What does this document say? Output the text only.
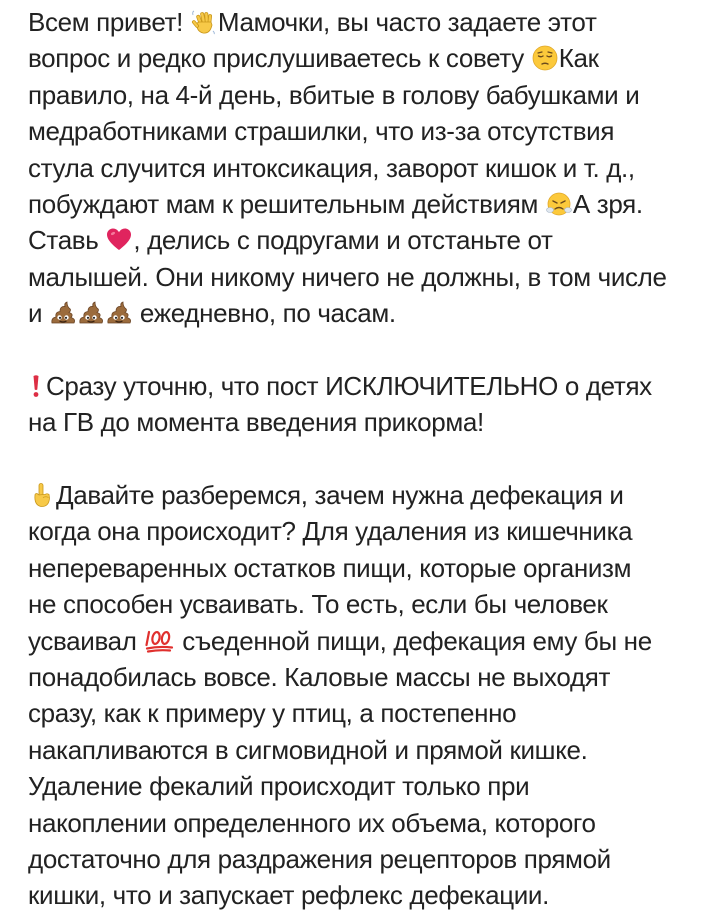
Всем привет!
Мамочки, вы часто задаете этот
вопрос и редко прислушиваетесь к совету
Как
правило, на 4-й день, вбитые в голову бабушками и
медработниками страшилки, что из-за отсутствия
стула случится интоксикация, заворот кишок и т. д.,
побуждают мам к решительным действиям
А зря.
Ставь
, делись с подругами и отстаньте от
малышей. Они никому ничего не должны, в том числе
и	ежедневно, по часам.
Сразу уточню, что пост ИСКЛЮЧИТЕЛЬНО о детях
на ГВ до момента введения прикорма!
Давайте разберемся, зачем нужна дефекация и
когда она происходит? Для удаления из кишечника
непереваренных остатков пищи, которые организм
не способен усваивать. То есть, если бы человек
усваивал
съеденной пищи, дефекация ему бы не
понадобилась вовсе. Каловые массы не выходят
сразу, как к примеру у птиц, а постепенно
накапливаются в сигмовидной и прямой кишке.
Удаление фекалий происходит только при
накоплении определенного их объема, которого
достаточно для раздражения рецепторов прямой
кишки, что и запускает рефлекс дефекации.
